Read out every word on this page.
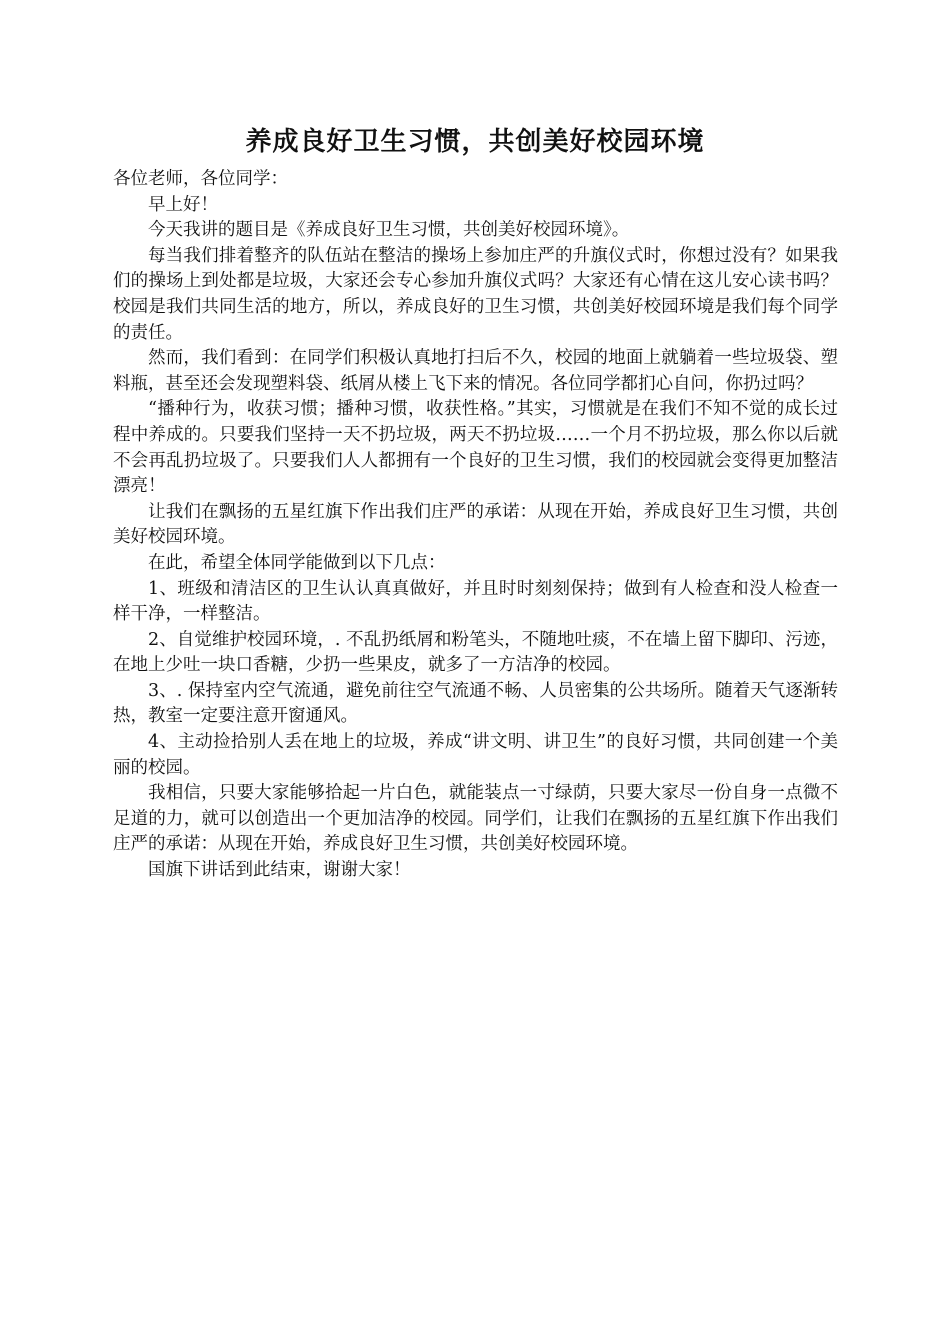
养成良好卫生习惯，共创美好校园环境

各位老师，各位同学：

早上好！

今天我讲的题目是《养成良好卫生习惯，共创美好校园环境》。

每当我们排着整齐的队伍站在整洁的操场上参加庄严的升旗仪式时，你想过没有？如果我们的操场上到处都是垃圾，大家还会专心参加升旗仪式吗？大家还有心情在这儿安心读书吗？校园是我们共同生活的地方，所以，养成良好的卫生习惯，共创美好校园环境是我们每个同学的责任。

然而，我们看到：在同学们积极认真地打扫后不久，校园的地面上就躺着一些垃圾袋、塑料瓶，甚至还会发现塑料袋、纸屑从楼上飞下来的情况。各位同学都扪心自问，你扔过吗？

“播种行为，收获习惯；播种习惯，收获性格。”其实，习惯就是在我们不知不觉的成长过程中养成的。只要我们坚持一天不扔垃圾，两天不扔垃圾……一个月不扔垃圾，那么你以后就不会再乱扔垃圾了。只要我们人人都拥有一个良好的卫生习惯，我们的校园就会变得更加整洁漂亮！

让我们在飘扬的五星红旗下作出我们庄严的承诺：从现在开始，养成良好卫生习惯，共创美好校园环境。

在此，希望全体同学能做到以下几点：

1、班级和清洁区的卫生认认真真做好，并且时时刻刻保持；做到有人检查和没人检查一样干净，一样整洁。

2、自觉维护校园环境，. 不乱扔纸屑和粉笔头，不随地吐痰，不在墙上留下脚印、污迹，在地上少吐一块口香糖，少扔一些果皮，就多了一方洁净的校园。

3、. 保持室内空气流通，避免前往空气流通不畅、人员密集的公共场所。随着天气逐渐转热，教室一定要注意开窗通风。

4、主动捡拾别人丢在地上的垃圾，养成“讲文明、讲卫生”的良好习惯，共同创建一个美丽的校园。

我相信，只要大家能够拾起一片白色，就能装点一寸绿荫，只要大家尽一份自身一点微不足道的力，就可以创造出一个更加洁净的校园。同学们，让我们在飘扬的五星红旗下作出我们庄严的承诺：从现在开始，养成良好卫生习惯，共创美好校园环境。

国旗下讲话到此结束，谢谢大家！
